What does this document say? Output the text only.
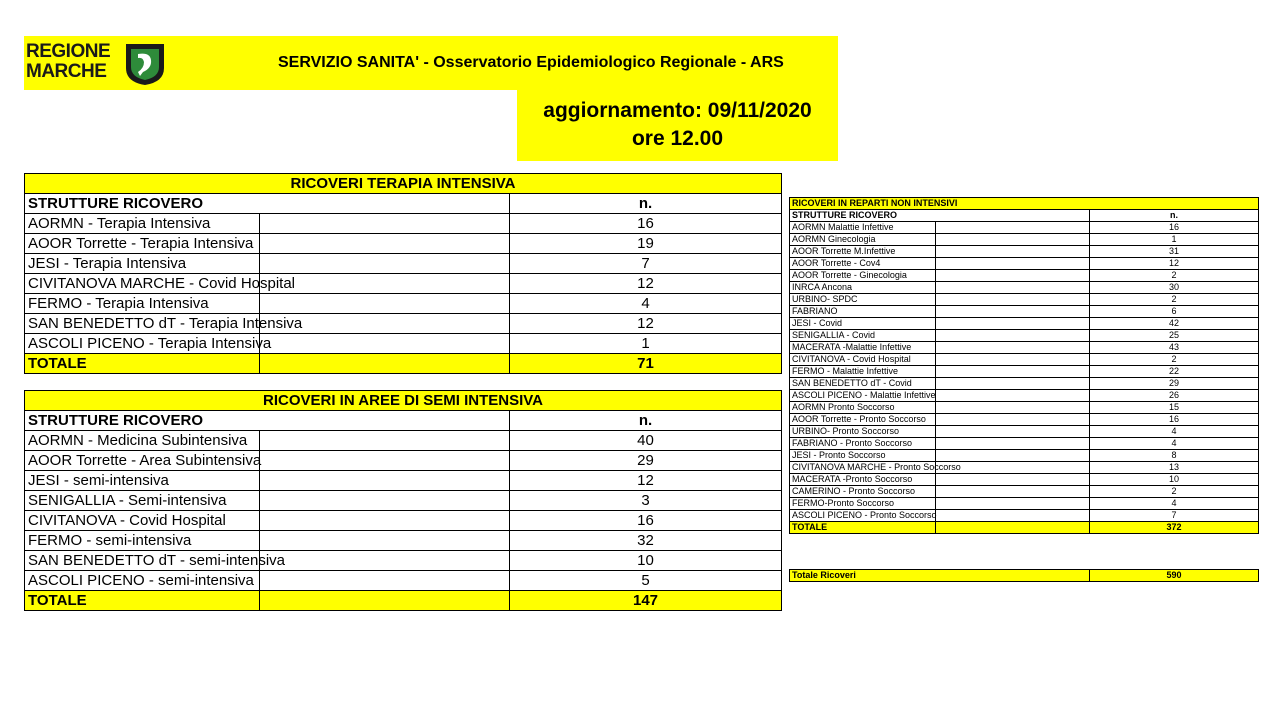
REGIONE
MARCHE	SERVIZIO SANITA' - Osservatorio Epidemiologico Regionale - ARS
aggiornamento: 09/11/2020
ore 12.00
RICOVERI TERAPIA INTENSIVA		
STRUTTURE RICOVERO		n.
AORMN - Terapia Intensiva		16
AOOR Torrette - Terapia Intensiva		19
JESI - Terapia Intensiva		7
CIVITANOVA MARCHE - Covid Hospital		12
FERMO - Terapia Intensiva		4
SAN BENEDETTO dT - Terapia Intensiva		12
ASCOLI PICENO - Terapia Intensiva		1
TOTALE		71
RICOVERI IN AREE DI SEMI INTENSIVA		
STRUTTURE RICOVERO		n.
AORMN - Medicina Subintensiva		40
AOOR Torrette - Area Subintensiva		29
JESI - semi-intensiva		12
SENIGALLIA - Semi-intensiva		3
CIVITANOVA - Covid Hospital		16
FERMO - semi-intensiva		32
SAN BENEDETTO dT - semi-intensiva		10
ASCOLI PICENO - semi-intensiva		5
TOTALE		147
RICOVERI IN REPARTI NON INTENSIVI		
STRUTTURE RICOVERO		n.
AORMN Malattie Infettive		16
AORMN Ginecologia		1
AOOR Torrette M.Infettive		31
AOOR Torrette - Cov4		12
AOOR Torrette - Ginecologia		2
INRCA Ancona		30
URBINO- SPDC		2
FABRIANO		6
JESI - Covid		42
SENIGALLIA - Covid		25
MACERATA -Malattie Infettive		43
CIVITANOVA - Covid Hospital		2
FERMO - Malattie Infettive		22
SAN BENEDETTO dT - Covid		29
ASCOLI PICENO - Malattie Infettive		26
AORMN Pronto Soccorso		15
AOOR Torrette - Pronto Soccorso		16
URBINO- Pronto Soccorso		4
FABRIANO - Pronto Soccorso		4
JESI - Pronto Soccorso		8
CIVITANOVA MARCHE - Pronto Soccorso		13
MACERATA -Pronto Soccorso		10
CAMERINO - Pronto Soccorso		2
FERMO-Pronto Soccorso		4
ASCOLI PICENO - Pronto Soccorso		7
TOTALE		372
Totale Ricoveri	590
